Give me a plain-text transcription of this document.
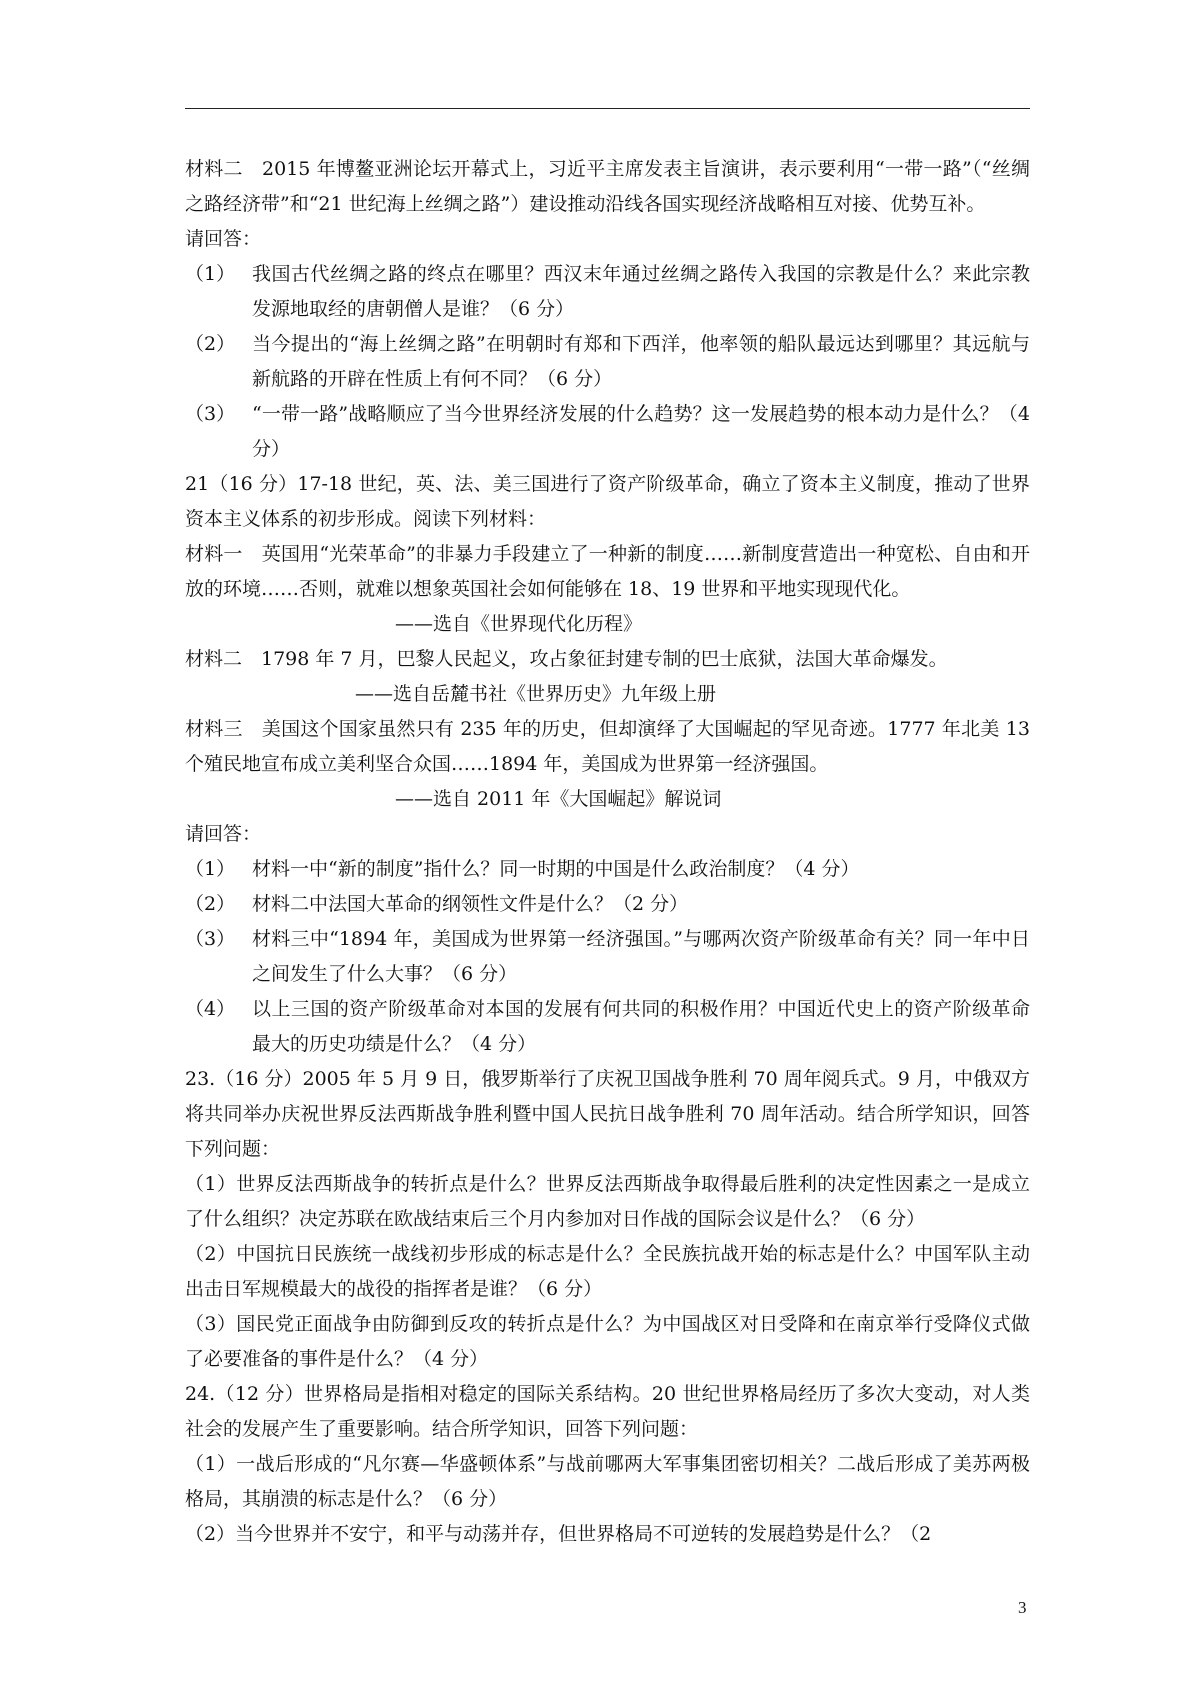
材料二　2015 年博鳌亚洲论坛开幕式上，习近平主席发表主旨演讲，表示要利用“一带一路”（“丝绸之路经济带”和“21 世纪海上丝绸之路”）建设推动沿线各国实现经济战略相互对接、优势互补。
请回答：
（1） 我国古代丝绸之路的终点在哪里？西汉末年通过丝绸之路传入我国的宗教是什么？来此宗教发源地取经的唐朝僧人是谁？（6 分）
（2） 当今提出的“海上丝绸之路”在明朝时有郑和下西洋，他率领的船队最远达到哪里？其远航与新航路的开辟在性质上有何不同？（6 分）
（3） “一带一路”战略顺应了当今世界经济发展的什么趋势？这一发展趋势的根本动力是什么？（4 分）
21（16 分）17-18 世纪，英、法、美三国进行了资产阶级革命，确立了资本主义制度，推动了世界资本主义体系的初步形成。阅读下列材料：
材料一　英国用“光荣革命”的非暴力手段建立了一种新的制度……新制度营造出一种宽松、自由和开放的环境……否则，就难以想象英国社会如何能够在 18、19 世界和平地实现现代化。
——选自《世界现代化历程》
材料二　1798 年 7 月，巴黎人民起义，攻占象征封建专制的巴士底狱，法国大革命爆发。
——选自岳麓书社《世界历史》九年级上册
材料三　美国这个国家虽然只有 235 年的历史，但却演绎了大国崛起的罕见奇迹。1777 年北美 13 个殖民地宣布成立美利坚合众国……1894 年，美国成为世界第一经济强国。
——选自 2011 年《大国崛起》解说词
请回答：
（1） 材料一中“新的制度”指什么？同一时期的中国是什么政治制度？（4 分）
（2） 材料二中法国大革命的纲领性文件是什么？（2 分）
（3） 材料三中“1894 年，美国成为世界第一经济强国。”与哪两次资产阶级革命有关？同一年中日之间发生了什么大事？（6 分）
（4） 以上三国的资产阶级革命对本国的发展有何共同的积极作用？中国近代史上的资产阶级革命最大的历史功绩是什么？（4 分）
23.（16 分）2005 年 5 月 9 日，俄罗斯举行了庆祝卫国战争胜利 70 周年阅兵式。9 月，中俄双方将共同举办庆祝世界反法西斯战争胜利暨中国人民抗日战争胜利 70 周年活动。结合所学知识，回答下列问题：
（1）世界反法西斯战争的转折点是什么？世界反法西斯战争取得最后胜利的决定性因素之一是成立了什么组织？决定苏联在欧战结束后三个月内参加对日作战的国际会议是什么？（6 分）
（2）中国抗日民族统一战线初步形成的标志是什么？全民族抗战开始的标志是什么？中国军队主动出击日军规模最大的战役的指挥者是谁？（6 分）
（3）国民党正面战争由防御到反攻的转折点是什么？为中国战区对日受降和在南京举行受降仪式做了必要准备的事件是什么？（4 分）
24.（12 分）世界格局是指相对稳定的国际关系结构。20 世纪世界格局经历了多次大变动，对人类社会的发展产生了重要影响。结合所学知识，回答下列问题：
（1）一战后形成的“凡尔赛—华盛顿体系”与战前哪两大军事集团密切相关？二战后形成了美苏两极格局，其崩溃的标志是什么？（6 分）
（2）当今世界并不安宁，和平与动荡并存，但世界格局不可逆转的发展趋势是什么？（2
3
